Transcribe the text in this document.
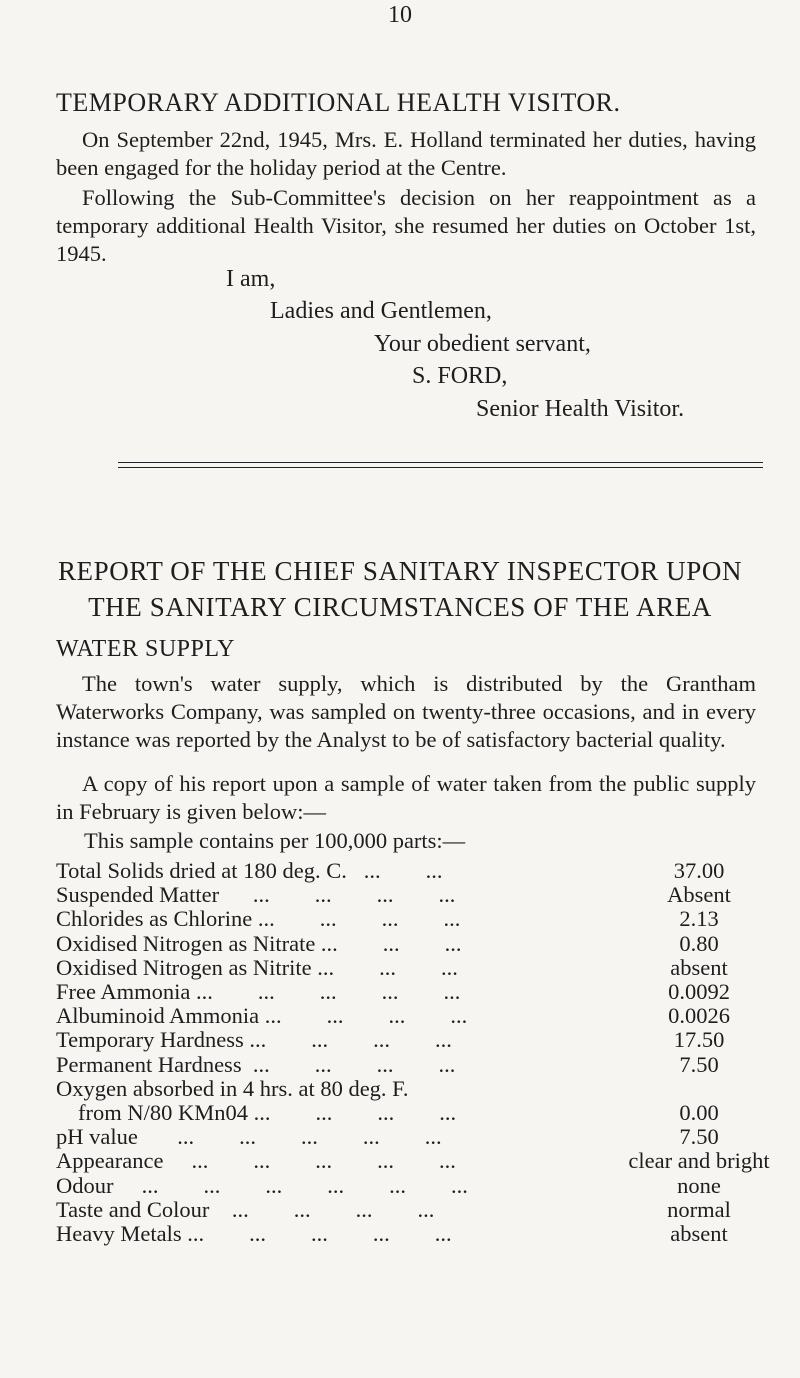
10
TEMPORARY ADDITIONAL HEALTH VISITOR.
On September 22nd, 1945, Mrs. E. Holland terminated her duties, having been engaged for the holiday period at the Centre.
Following the Sub-Committee's decision on her reappointment as a temporary additional Health Visitor, she resumed her duties on October 1st, 1945.
I am,
Ladies and Gentlemen,
Your obedient servant,
S. FORD,
Senior Health Visitor.
REPORT OF THE CHIEF SANITARY INSPECTOR UPON
THE SANITARY CIRCUMSTANCES OF THE AREA
WATER SUPPLY
The town's water supply, which is distributed by the Grantham Waterworks Company, was sampled on twenty-three occasions, and in every instance was reported by the Analyst to be of satisfactory bacterial quality.
A copy of his report upon a sample of water taken from the public supply in February is given below:—
This sample contains per 100,000 parts:—
Total Solids dried at 180 deg. C.   ...        ...	37.00
Suspended Matter      ...        ...        ...        ...	Absent
Chlorides as Chlorine ...        ...        ...        ...	2.13
Oxidised Nitrogen as Nitrate ...        ...        ...	0.80
Oxidised Nitrogen as Nitrite ...        ...        ...	absent
Free Ammonia ...        ...        ...        ...        ...	0.0092
Albuminoid Ammonia ...        ...        ...        ...	0.0026
Temporary Hardness ...        ...        ...        ...	17.50
Permanent Hardness  ...        ...        ...        ...	7.50
Oxygen absorbed in 4 hrs. at 80 deg. F.
from N/80 KMn04 ...        ...        ...        ...	0.00
pH value       ...        ...        ...        ...        ...	7.50
Appearance     ...        ...        ...        ...        ...	clear and bright
Odour     ...        ...        ...        ...        ...        ...	none
Taste and Colour    ...        ...        ...        ...	normal
Heavy Metals ...        ...        ...        ...        ...	absent
